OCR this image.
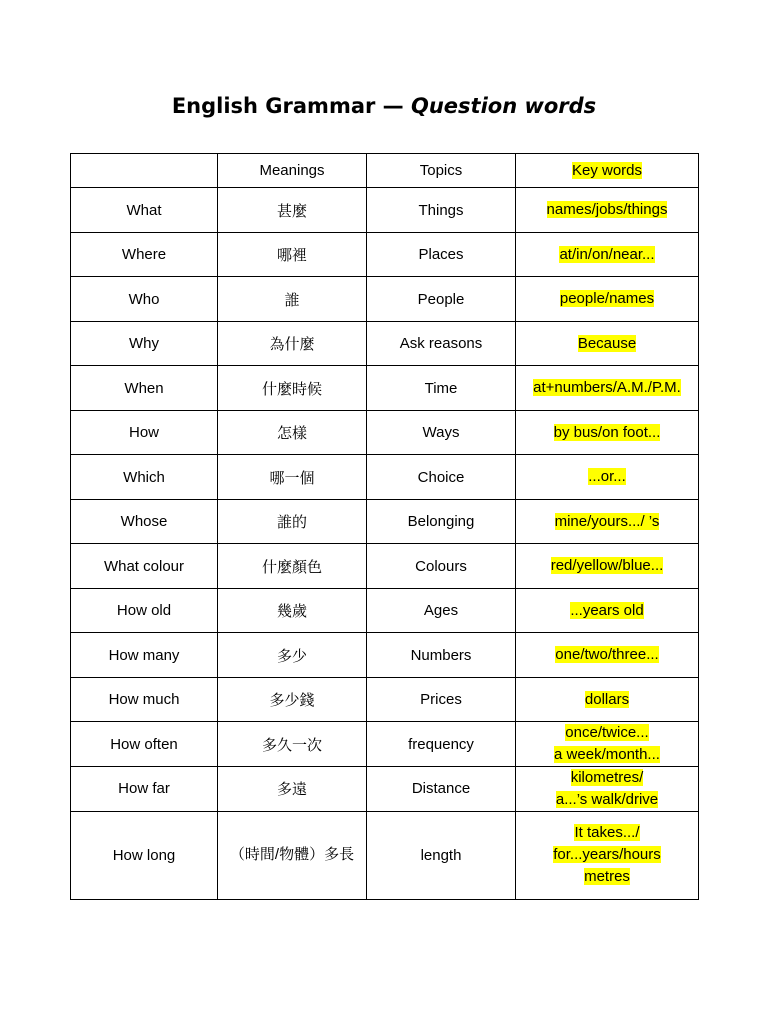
English Grammar — Question words
	Meanings	Topics	Key words
What	甚麼	Things	names/jobs/things
Where	哪裡	Places	at/in/on/near...
Who	誰	People	people/names
Why	為什麼	Ask reasons	Because
When	什麼時候	Time	at+numbers/A.M./P.M.
How	怎樣	Ways	by bus/on foot...
Which	哪一個	Choice	...or...
Whose	誰的	Belonging	mine/yours.../ ’s
What colour	什麼顏色	Colours	red/yellow/blue...
How old	幾歲	Ages	...years old
How many	多少	Numbers	one/two/three...
How much	多少錢	Prices	dollars
How often	多久一次	frequency	once/twice...
a week/month...
How far	多遠	Distance	kilometres/
a...’s walk/drive
How long	（時間/物體）多長	length	It takes.../
for...years/hours
metres
